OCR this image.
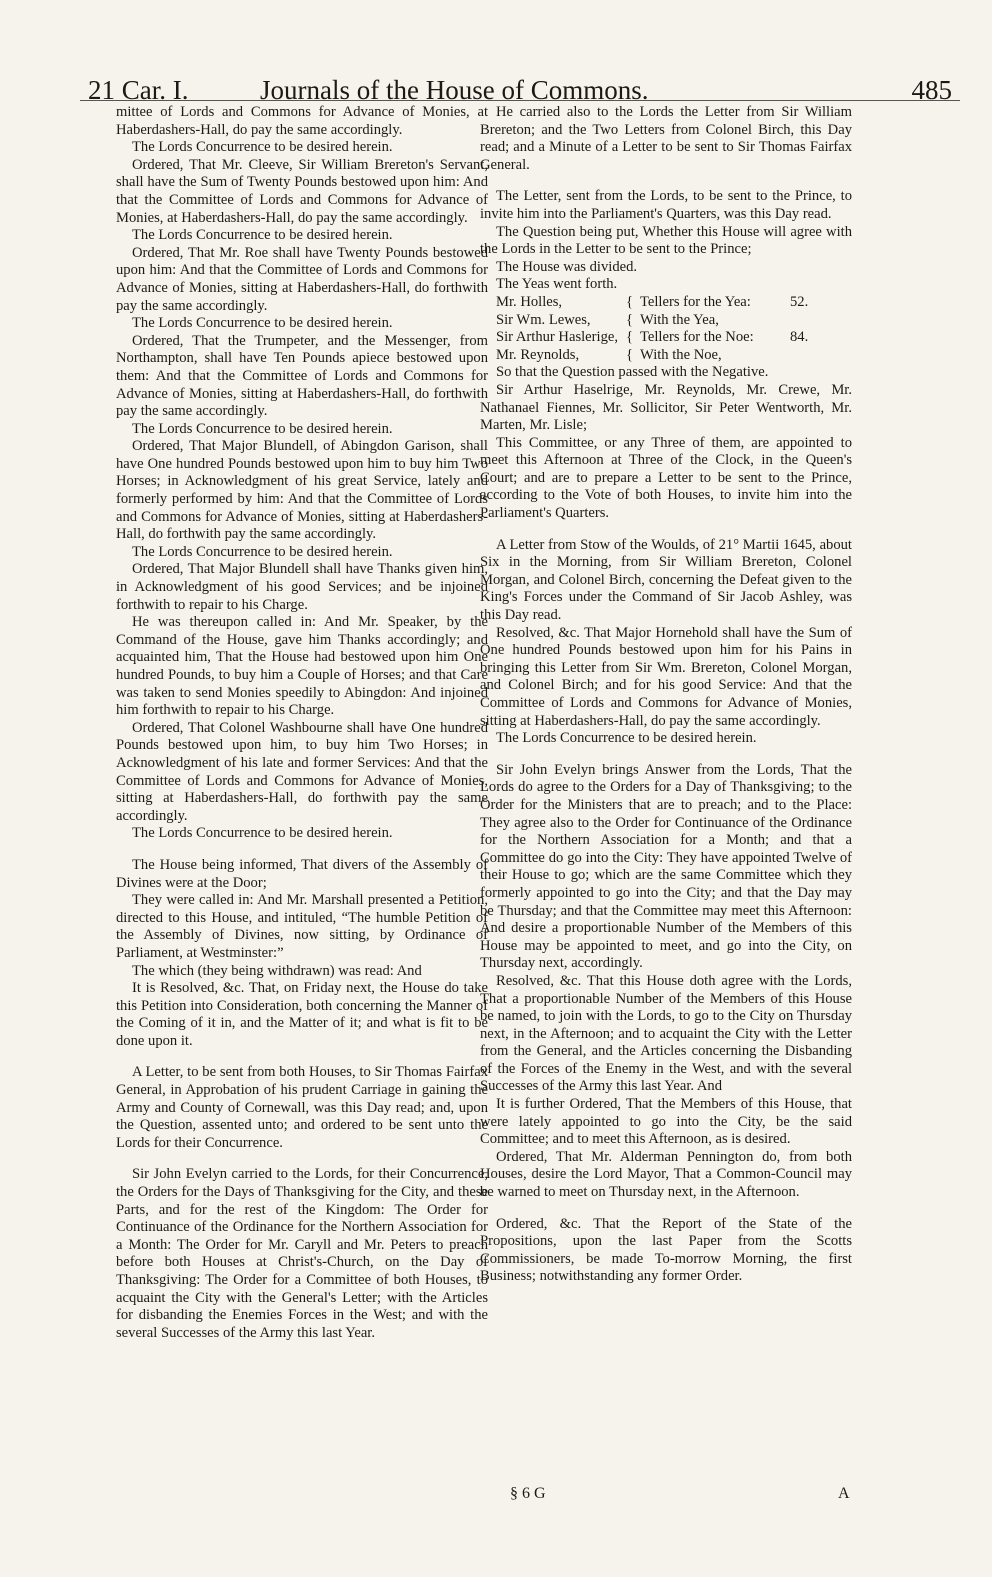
21 Car. I.	Journals of the House of Commons.	485

mittee of Lords and Commons for Advance of Monies, at Haberdashers-Hall, do pay the same accordingly.

The Lords Concurrence to be desired herein.

Ordered, That Mr. Cleeve, Sir William Brereton's Servant, shall have the Sum of Twenty Pounds bestowed upon him: And that the Committee of Lords and Commons for Advance of Monies, at Haberdashers-Hall, do pay the same accordingly.

The Lords Concurrence to be desired herein.

Ordered, That Mr. Roe shall have Twenty Pounds bestowed upon him: And that the Committee of Lords and Commons for Advance of Monies, sitting at Haberdashers-Hall, do forthwith pay the same accordingly.

The Lords Concurrence to be desired herein.

Ordered, That the Trumpeter, and the Messenger, from Northampton, shall have Ten Pounds apiece bestowed upon them: And that the Committee of Lords and Commons for Advance of Monies, sitting at Haberdashers-Hall, do forthwith pay the same accordingly.

The Lords Concurrence to be desired herein.

Ordered, That Major Blundell, of Abingdon Garison, shall have One hundred Pounds bestowed upon him to buy him Two Horses; in Acknowledgment of his great Service, lately and formerly performed by him: And that the Committee of Lords and Commons for Advance of Monies, sitting at Haberdashers-Hall, do forthwith pay the same accordingly.

The Lords Concurrence to be desired herein.

Ordered, That Major Blundell shall have Thanks given him, in Acknowledgment of his good Services; and be injoined forthwith to repair to his Charge.

He was thereupon called in: And Mr. Speaker, by the Command of the House, gave him Thanks accordingly; and acquainted him, That the House had bestowed upon him One hundred Pounds, to buy him a Couple of Horses; and that Care was taken to send Monies speedily to Abingdon: And injoined him forthwith to repair to his Charge.

Ordered, That Colonel Washbourne shall have One hundred Pounds bestowed upon him, to buy him Two Horses; in Acknowledgment of his late and former Services: And that the Committee of Lords and Commons for Advance of Monies, sitting at Haberdashers-Hall, do forthwith pay the same accordingly.

The Lords Concurrence to be desired herein.

The House being informed, That divers of the Assembly of Divines were at the Door;

They were called in: And Mr. Marshall presented a Petition, directed to this House, and intituled, “The humble Petition of the Assembly of Divines, now sitting, by Ordinance of Parliament, at Westminster:”

The which (they being withdrawn) was read: And

It is Resolved, &c. That, on Friday next, the House do take this Petition into Consideration, both concerning the Manner of the Coming of it in, and the Matter of it; and what is fit to be done upon it.

A Letter, to be sent from both Houses, to Sir Thomas Fairfax General, in Approbation of his prudent Carriage in gaining the Army and County of Cornewall, was this Day read; and, upon the Question, assented unto; and ordered to be sent unto the Lords for their Concurrence.

Sir John Evelyn carried to the Lords, for their Concurrence, the Orders for the Days of Thanksgiving for the City, and these Parts, and for the rest of the Kingdom: The Order for Continuance of the Ordinance for the Northern Association for a Month: The Order for Mr. Caryll and Mr. Peters to preach before both Houses at Christ's-Church, on the Day of Thanksgiving: The Order for a Committee of both Houses, to acquaint the City with the General's Letter; with the Articles for disbanding the Enemies Forces in the West; and with the several Successes of the Army this last Year.

He carried also to the Lords the Letter from Sir William Brereton; and the Two Letters from Colonel Birch, this Day read; and a Minute of a Letter to be sent to Sir Thomas Fairfax General.

The Letter, sent from the Lords, to be sent to the Prince, to invite him into the Parliament's Quarters, was this Day read.

The Question being put, Whether this House will agree with the Lords in the Letter to be sent to the Prince;

The House was divided.

The Yeas went forth.

Mr. Holles,	{ Tellers for the Yea:	52.
Sir Wm. Lewes,	{ With the Yea,
Sir Arthur Haslerige, { Tellers for the Noe:	84.
Mr. Reynolds,	{ With the Noe,

So that the Question passed with the Negative.

Sir Arthur Haselrige, Mr. Reynolds, Mr. Crewe, Mr. Nathanael Fiennes, Mr. Sollicitor, Sir Peter Wentworth, Mr. Marten, Mr. Lisle;

This Committee, or any Three of them, are appointed to meet this Afternoon at Three of the Clock, in the Queen's Court; and are to prepare a Letter to be sent to the Prince, according to the Vote of both Houses, to invite him into the Parliament's Quarters.

A Letter from Stow of the Woulds, of 21° Martii 1645, about Six in the Morning, from Sir William Brereton, Colonel Morgan, and Colonel Birch, concerning the Defeat given to the King's Forces under the Command of Sir Jacob Ashley, was this Day read.

Resolved, &c. That Major Hornehold shall have the Sum of One hundred Pounds bestowed upon him for his Pains in bringing this Letter from Sir Wm. Brereton, Colonel Morgan, and Colonel Birch; and for his good Service: And that the Committee of Lords and Commons for Advance of Monies, sitting at Haberdashers-Hall, do pay the same accordingly.

The Lords Concurrence to be desired herein.

Sir John Evelyn brings Answer from the Lords, That the Lords do agree to the Orders for a Day of Thanksgiving; to the Order for the Ministers that are to preach; and to the Place: They agree also to the Order for Continuance of the Ordinance for the Northern Association for a Month; and that a Committee do go into the City: They have appointed Twelve of their House to go; which are the same Committee which they formerly appointed to go into the City; and that the Day may be Thursday; and that the Committee may meet this Afternoon: And desire a proportionable Number of the Members of this House may be appointed to meet, and go into the City, on Thursday next, accordingly.

Resolved, &c. That this House doth agree with the Lords, That a proportionable Number of the Members of this House be named, to join with the Lords, to go to the City on Thursday next, in the Afternoon; and to acquaint the City with the Letter from the General, and the Articles concerning the Disbanding of the Forces of the Enemy in the West, and with the several Successes of the Army this last Year. And

It is further Ordered, That the Members of this House, that were lately appointed to go into the City, be the said Committee; and to meet this Afternoon, as is desired.

Ordered, That Mr. Alderman Pennington do, from both Houses, desire the Lord Mayor, That a Common-Council may be warned to meet on Thursday next, in the Afternoon.

Ordered, &c. That the Report of the State of the Propositions, upon the last Paper from the Scotts Commissioners, be made To-morrow Morning, the first Business; notwithstanding any former Order.

§ 6 G	A
